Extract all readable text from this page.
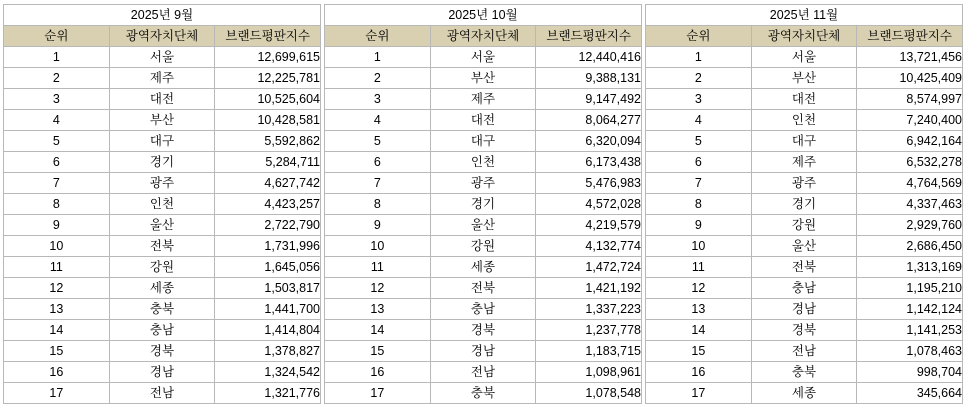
2025년 9월		
순위	광역자치단체	브랜드평판지수
1	서울	12,699,615
2	제주	12,225,781
3	대전	10,525,604
4	부산	10,428,581
5	대구	5,592,862
6	경기	5,284,711
7	광주	4,627,742
8	인천	4,423,257
9	울산	2,722,790
10	전북	1,731,996
11	강원	1,645,056
12	세종	1,503,817
13	충북	1,441,700
14	충남	1,414,804
15	경북	1,378,827
16	경남	1,324,542
17	전남	1,321,776
2025년 10월		
순위	광역자치단체	브랜드평판지수
1	서울	12,440,416
2	부산	9,388,131
3	제주	9,147,492
4	대전	8,064,277
5	대구	6,320,094
6	인천	6,173,438
7	광주	5,476,983
8	경기	4,572,028
9	울산	4,219,579
10	강원	4,132,774
11	세종	1,472,724
12	전북	1,421,192
13	충남	1,337,223
14	경북	1,237,778
15	경남	1,183,715
16	전남	1,098,961
17	충북	1,078,548
2025년 11월		
순위	광역자치단체	브랜드평판지수
1	서울	13,721,456
2	부산	10,425,409
3	대전	8,574,997
4	인천	7,240,400
5	대구	6,942,164
6	제주	6,532,278
7	광주	4,764,569
8	경기	4,337,463
9	강원	2,929,760
10	울산	2,686,450
11	전북	1,313,169
12	충남	1,195,210
13	경남	1,142,124
14	경북	1,141,253
15	전남	1,078,463
16	충북	998,704
17	세종	345,664
